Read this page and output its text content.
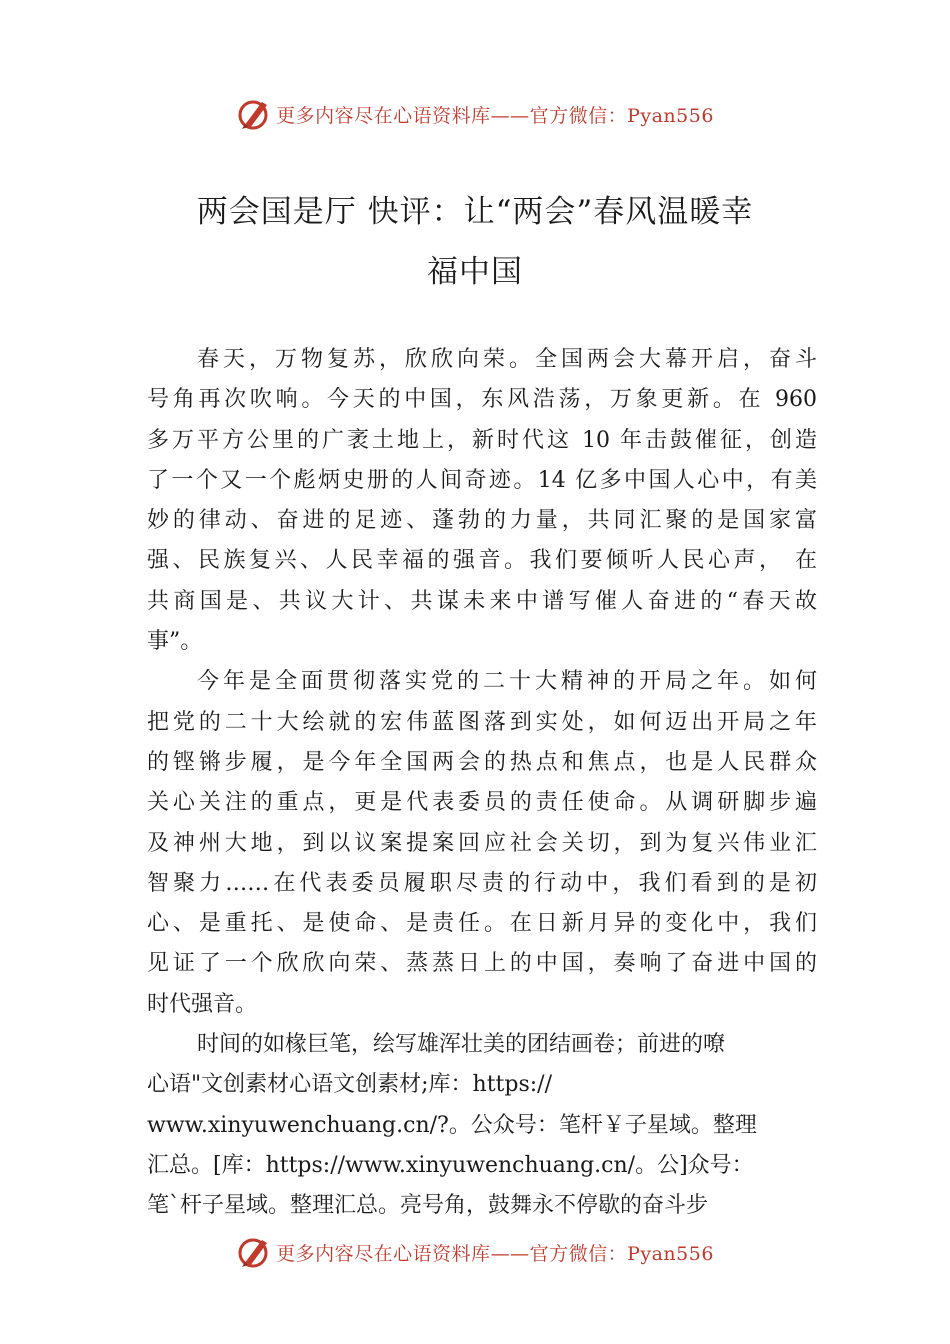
更多内容尽在心语资料库——官方微信：Pyan556
两会国是厅 快评：让“两会”春风温暖幸
福中国
春天，万物复苏，欣欣向荣。全国两会大幕开启，奋斗
号角再次吹响。今天的中国，东风浩荡，万象更新。在 960
多万平方公里的广袤土地上，新时代这 10 年击鼓催征，创造
了一个又一个彪炳史册的人间奇迹。14 亿多中国人心中，有美
妙的律动、奋进的足迹、蓬勃的力量，共同汇聚的是国家富
强、民族复兴、人民幸福的强音。我们要倾听人民心声， 在
共商国是、共议大计、共谋未来中谱写催人奋进的“春天故
事”。
今年是全面贯彻落实党的二十大精神的开局之年。如何
把党的二十大绘就的宏伟蓝图落到实处，如何迈出开局之年
的铿锵步履，是今年全国两会的热点和焦点，也是人民群众
关心关注的重点，更是代表委员的责任使命。从调研脚步遍
及神州大地，到以议案提案回应社会关切，到为复兴伟业汇
智聚力……在代表委员履职尽责的行动中，我们看到的是初
心、是重托、是使命、是责任。在日新月异的变化中，我们
见证了一个欣欣向荣、蒸蒸日上的中国，奏响了奋进中国的
时代强音。
时间的如椽巨笔，绘写雄浑壮美的团结画卷；前进的嘹
心语"文创素材心语文创素材;库：https://
www.xinyuwenchuang.cn/?。公众号：笔杆￥子星域。整理
汇总。[库：https://www.xinyuwenchuang.cn/。公]众号：
笔`杆子星域。整理汇总。亮号角，鼓舞永不停歇的奋斗步
更多内容尽在心语资料库——官方微信：Pyan556
